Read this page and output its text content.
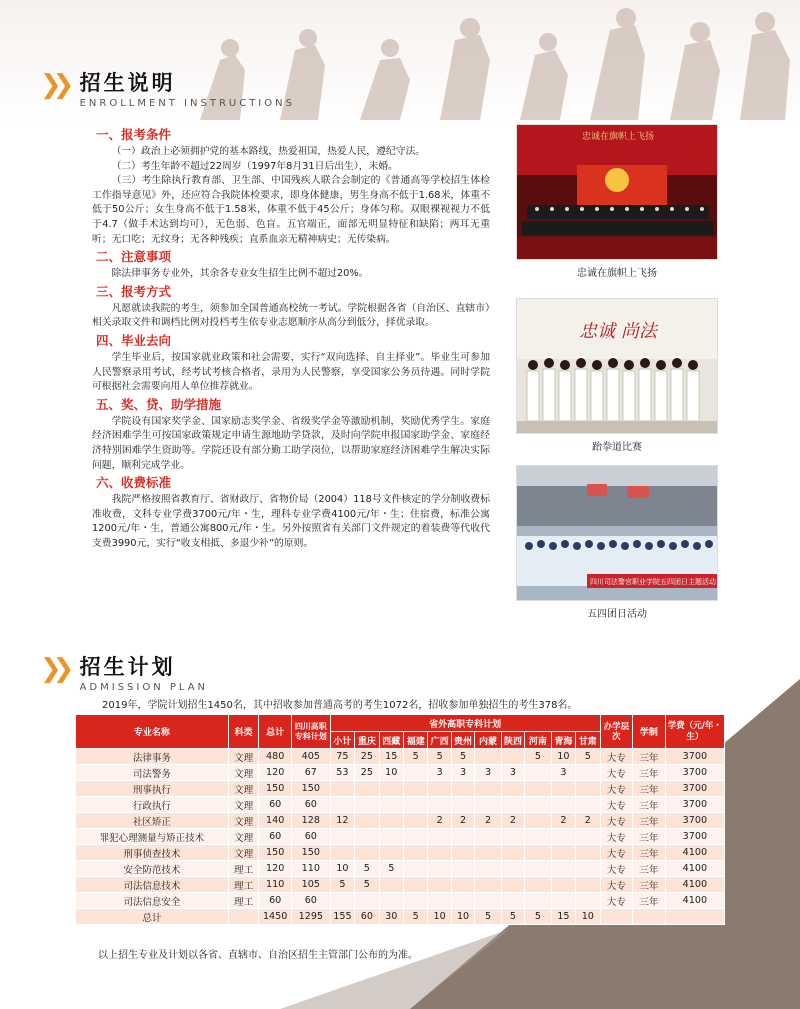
❯❯ 招生说明
ENROLLMENT INSTRUCTIONS
一、报考条件
（一）政治上必须拥护党的基本路线，热爱祖国，热爱人民，遵纪守法。
（二）考生年龄不超过22周岁（1997年8月31日后出生），未婚。
（三）考生除执行教育部、卫生部、中国残疾人联合会制定的《普通高等学校招生体检工作指导意见》外，还应符合我院体检要求，即身体健康，男生身高不低于1.68米，体重不低于50公斤；女生身高不低于1.58米，体重不低于45公斤；身体匀称。双眼裸视视力不低于4.7（做手术达到均可），无色弱、色盲。五官端正，面部无明显特征和缺陷；两耳无重听；无口吃；无纹身；无各种残疾；直系血亲无精神病史；无传染病。
二、注意事项
除法律事务专业外，其余各专业女生招生比例不超过20%。
三、报考方式
凡愿就读我院的考生，须参加全国普通高校统一考试。学院根据各省（自治区、直辖市）相关录取文件和调档比例对投档考生依专业志愿顺序从高分到低分，择优录取。
四、毕业去向
学生毕业后，按国家就业政策和社会需要，实行“双向选择、自主择业”。毕业生可参加人民警察录用考试，经考试考核合格者，录用为人民警察，享受国家公务员待遇。同时学院可根据社会需要向用人单位推荐就业。
五、奖、贷、助学措施
学院设有国家奖学金、国家励志奖学金、省级奖学金等激励机制，奖励优秀学生。家庭经济困难学生可按国家政策规定申请生源地助学贷款，及时向学院申报国家助学金、家庭经济特别困难学生资助等。学院还设有部分勤工助学岗位，以帮助家庭经济困难学生解决实际问题，顺利完成学业。
六、收费标准
我院严格按照省教育厅、省财政厅、省物价局（2004）118号文件核定的学分制收费标准收费，文科专业学费3700元/年・生，理科专业学费4100元/年・生；住宿费，标准公寓1200元/年・生，普通公寓800元/年・生。另外按照省有关部门文件规定的着装费等代收代支费3990元，实行“收支相抵、多退少补”的原则。
忠诚在旗帜上飞扬
忠诚在旗帜上飞扬
忠诚 尚法
跆拳道比赛
四川司法警官职业学院五四团日主题活动
五四团日活动
❯❯ 招生计划
ADMISSION PLAN
2019年，学院计划招生1450名，其中招收参加普通高考的考生1072名，招收参加单独招生的考生378名。
专业名称	科类	总计	四川高职专科计划	省外高职专科计划											办学层次	学制	学费（元/年・生）
				小计	重庆	西藏	福建	广西	贵州	内蒙	陕西	河南	青海	甘肃			
法律事务	文理	480	405	75	25	15	5	5	5			5	10	5	大专	三年	3700
司法警务	文理	120	67	53	25	10		3	3	3	3		3		大专	三年	3700
刑事执行	文理	150	150												大专	三年	3700
行政执行	文理	60	60												大专	三年	3700
社区矫正	文理	140	128	12				2	2	2	2		2	2	大专	三年	3700
罪犯心理测量与矫正技术	文理	60	60												大专	三年	3700
刑事侦查技术	文理	150	150												大专	三年	4100
安全防范技术	理工	120	110	10	5	5									大专	三年	4100
司法信息技术	理工	110	105	5	5										大专	三年	4100
司法信息安全	理工	60	60												大专	三年	4100
总计		1450	1295	155	60	30	5	10	10	5	5	5	15	10			
以上招生专业及计划以各省、直辖市、自治区招生主管部门公布的为准。
